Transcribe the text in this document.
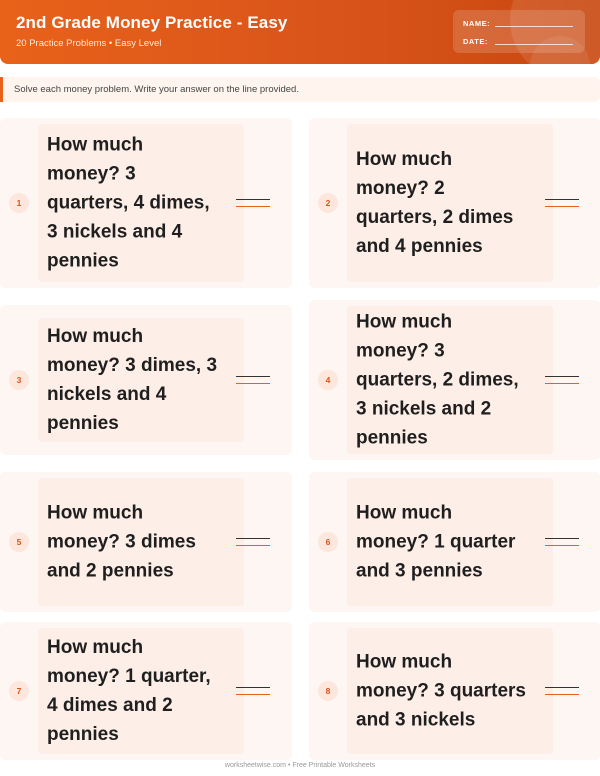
2nd Grade Money Practice - Easy
20 Practice Problems • Easy Level
NAME:
DATE:
Solve each money problem. Write your answer on the line provided.
1
How much money? 3 quarters, 4 dimes, 3 nickels and 4 pennies
2
How much money? 2 quarters, 2 dimes and 4 pennies
3
How much money? 3 dimes, 3 nickels and 4 pennies
4
How much money? 3 quarters, 2 dimes, 3 nickels and 2 pennies
5
How much money? 3 dimes and 2 pennies
6
How much money? 1 quarter and 3 pennies
7
How much money? 1 quarter, 4 dimes and 2 pennies
8
How much money? 3 quarters and 3 nickels
worksheetwise.com • Free Printable Worksheets
